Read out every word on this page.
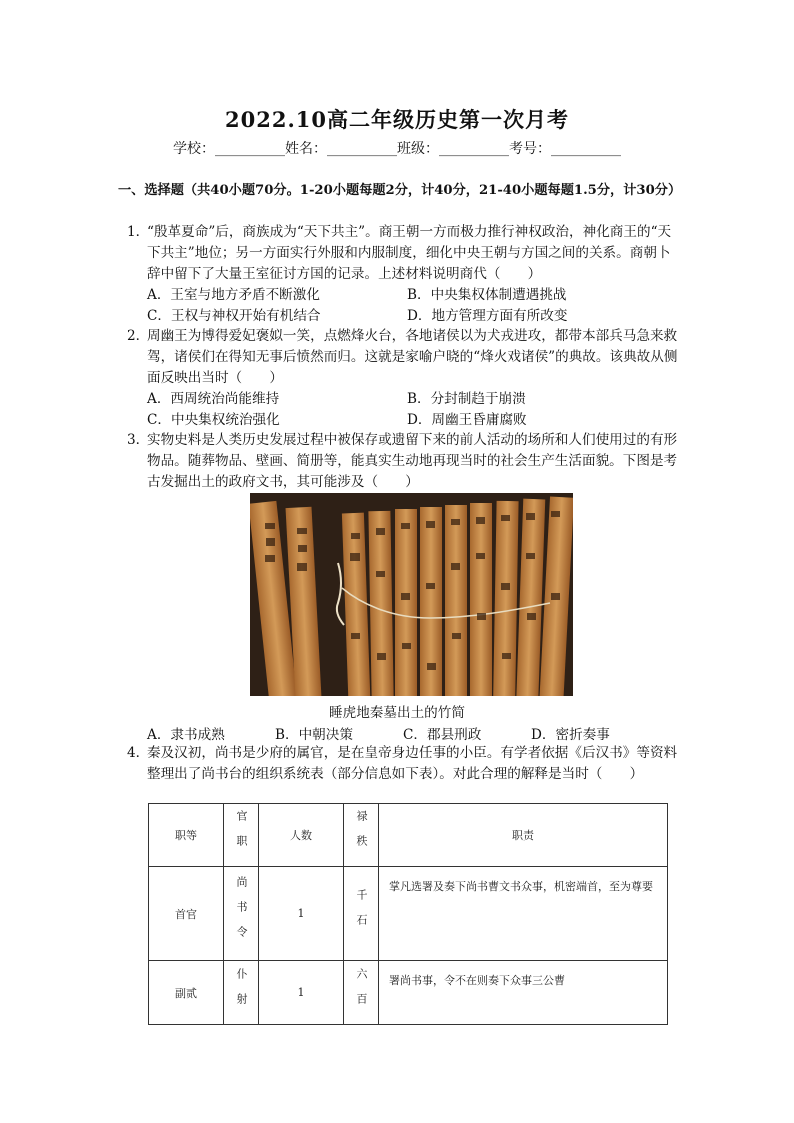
2022.10高二年级历史第一次月考
学校：__________姓名：__________班级：__________考号：__________
一、选择题（共40小题70分。1-20小题每题2分，计40分，21-40小题每题1.5分，计30分）
1．
“殷革夏命”后，商族成为“天下共主”。商王朝一方而极力推行神权政治，神化商王的“天下共主”地位；另一方面实行外服和内服制度，细化中央王朝与方国之间的关系。商朝卜辞中留下了大量王室征讨方国的记录。上述材料说明商代（　　）
A．王室与地方矛盾不断激化	B．中央集权体制遭遇挑战
C．王权与神权开始有机结合	D．地方管理方面有所改变
2．
周幽王为博得爱妃褒姒一笑，点燃烽火台，各地诸侯以为犬戎进攻，都带本部兵马急来救驾，诸侯们在得知无事后愤然而归。这就是家喻户晓的“烽火戏诸侯”的典故。该典故从侧面反映出当时（　　）
A．西周统治尚能维持	B．分封制趋于崩溃
C．中央集权统治强化	D．周幽王昏庸腐败
3．
实物史料是人类历史发展过程中被保存或遗留下来的前人活动的场所和人们使用过的有形物品。随葬物品、壁画、简册等，能真实生动地再现当时的社会生产生活面貌。下图是考古发掘出土的政府文书，其可能涉及（　　）
睡虎地秦墓出土的竹简
A．隶书成熟	B．中朝决策	C．郡县刑政	D．密折奏事
4．
秦及汉初，尚书是少府的属官，是在皇帝身边任事的小臣。有学者依据《后汉书》等资料整理出了尚书台的组织系统表（部分信息如下表）。对此合理的解释是当时（　　）
职等	官职	人数	禄秩	职责
首官	尚书令	1	千石	掌凡选署及奏下尚书曹文书众事，机密端首，至为尊要
副贰	仆射	1	六百	署尚书事，令不在则奏下众事三公曹
